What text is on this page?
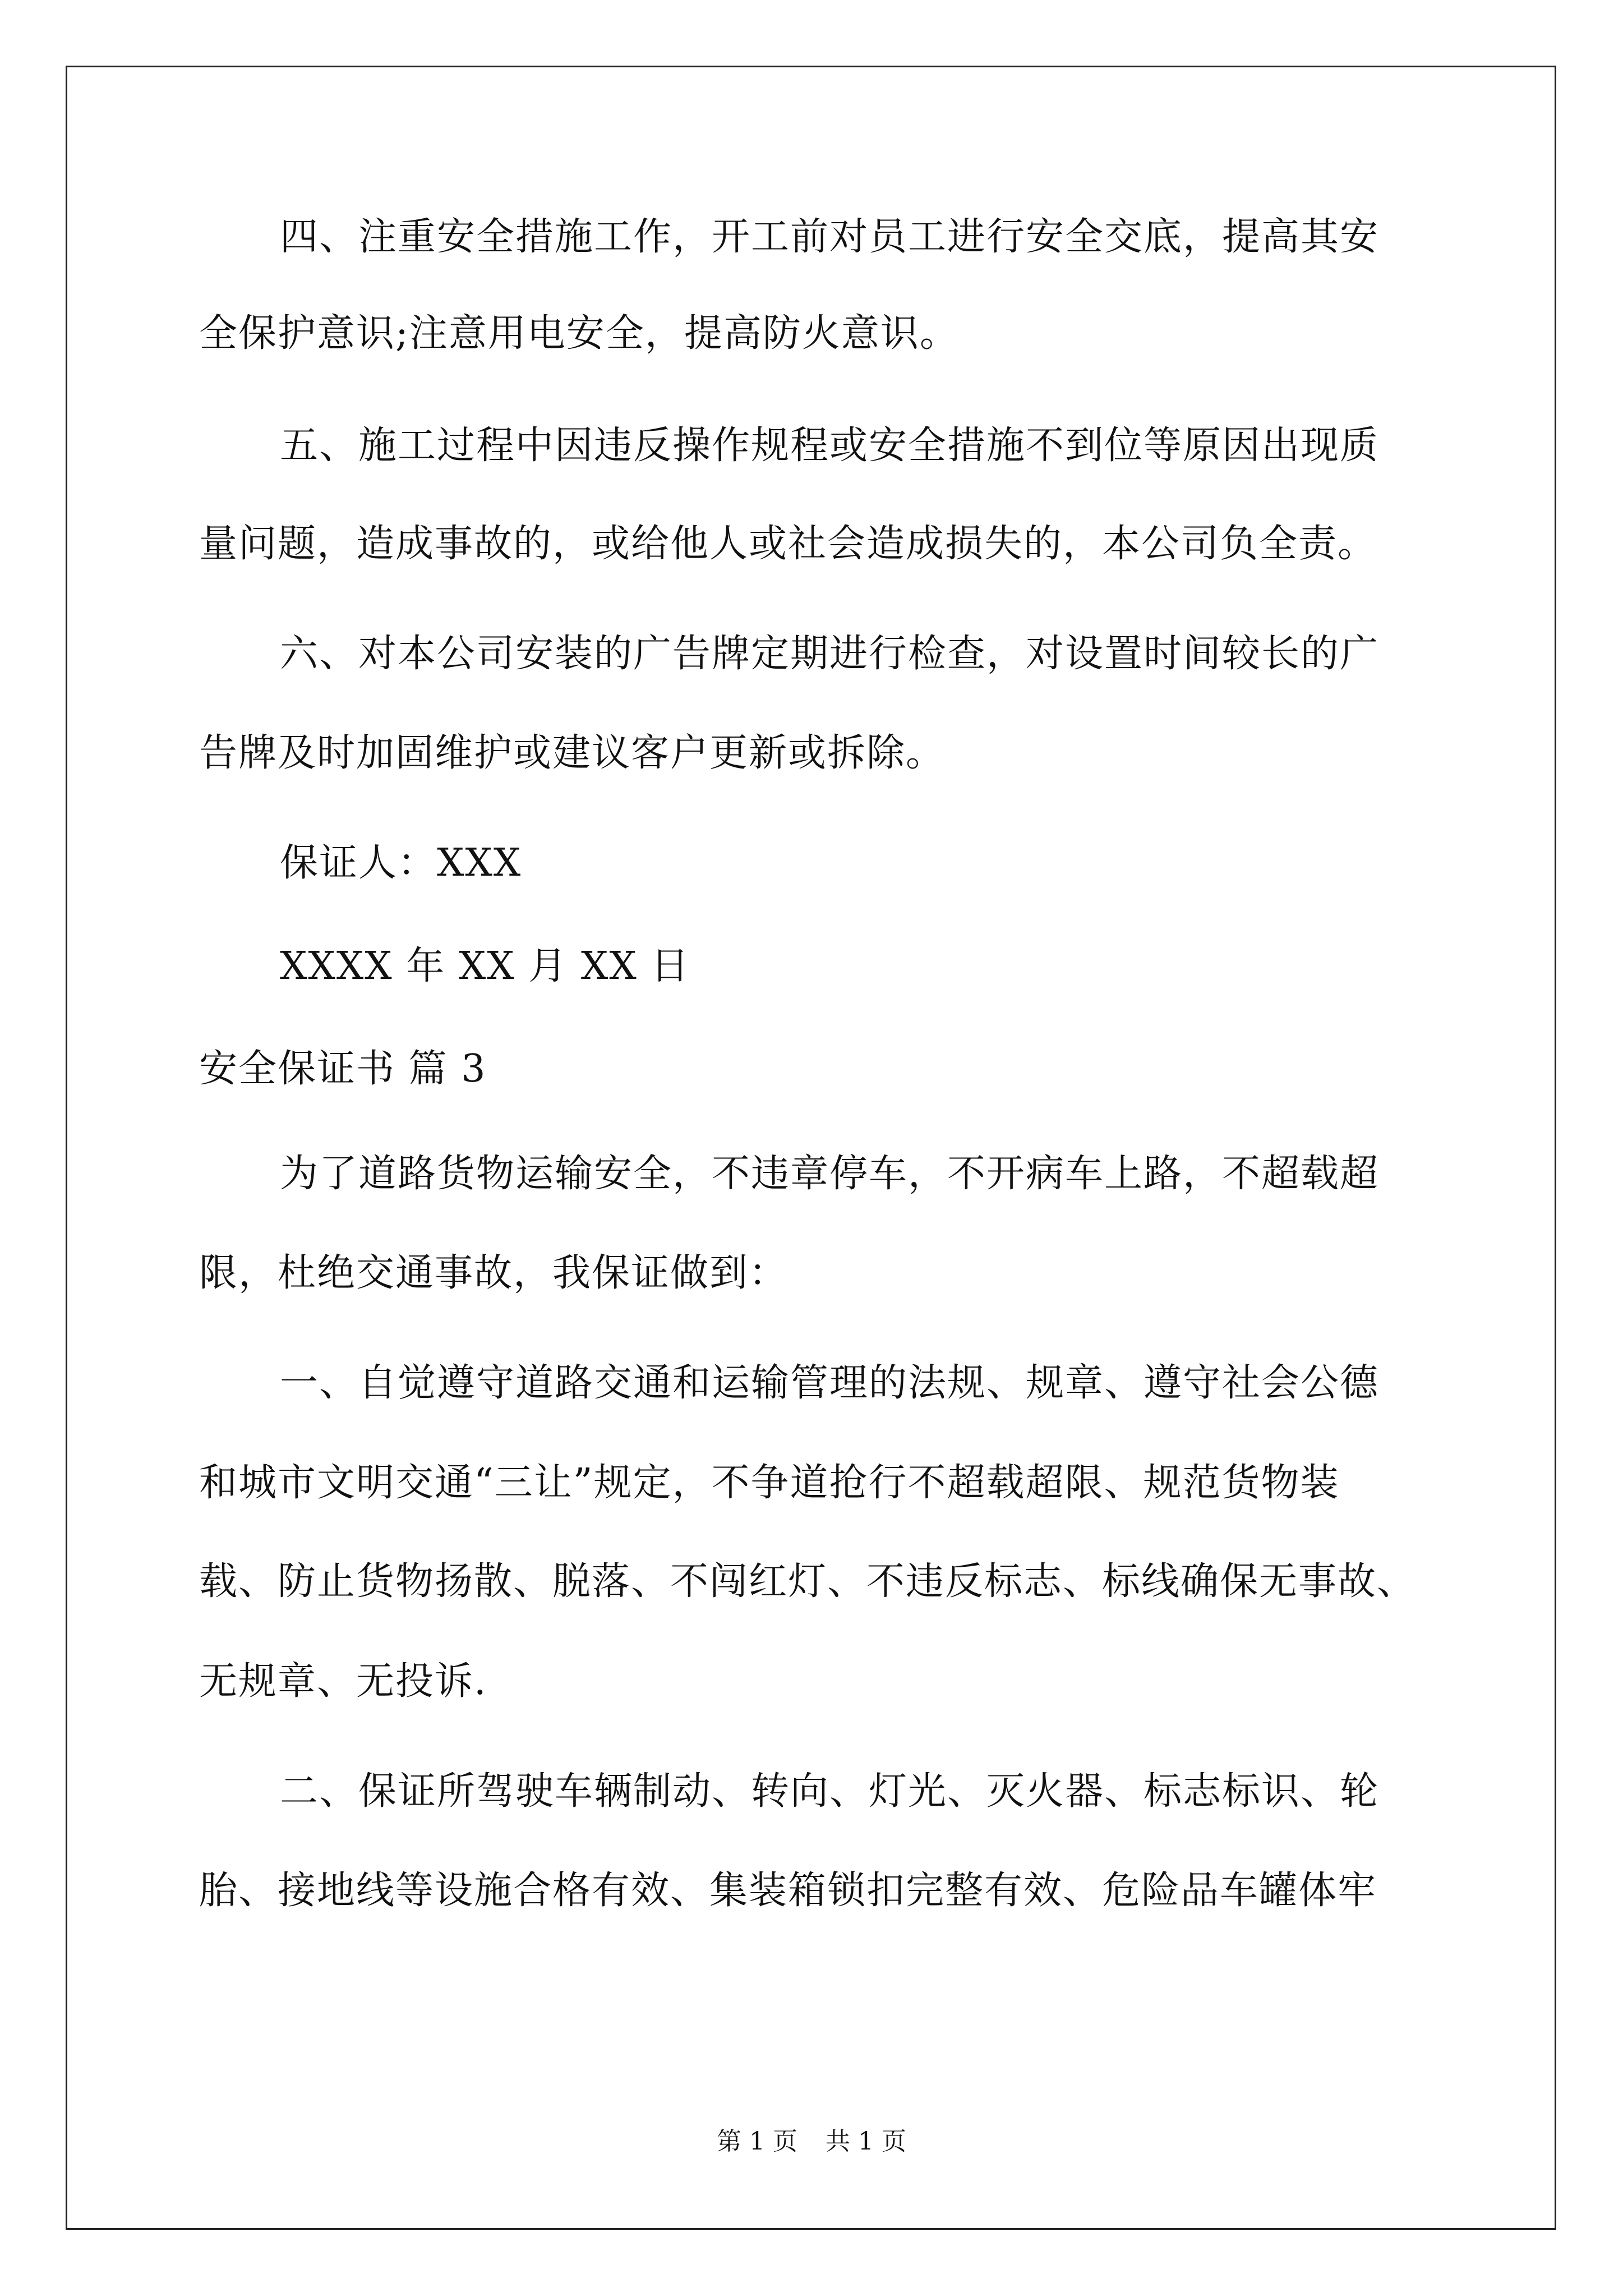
四、注重安全措施工作，开工前对员工进行安全交底，提高其安
全保护意识;注意用电安全，提高防火意识。
五、施工过程中因违反操作规程或安全措施不到位等原因出现质
量问题，造成事故的，或给他人或社会造成损失的，本公司负全责。
六、对本公司安装的广告牌定期进行检查，对设置时间较长的广
告牌及时加固维护或建议客户更新或拆除。
保证人：XXX
XXXX 年 XX 月 XX 日
安全保证书 篇 3
为了道路货物运输安全，不违章停车，不开病车上路，不超载超
限，杜绝交通事故，我保证做到：
一、自觉遵守道路交通和运输管理的法规、规章、遵守社会公德
和城市文明交通“三让”规定，不争道抢行不超载超限、规范货物装
载、防止货物扬散、脱落、不闯红灯、不违反标志、标线确保无事故、
无规章、无投诉.
二、保证所驾驶车辆制动、转向、灯光、灭火器、标志标识、轮
胎、接地线等设施合格有效、集装箱锁扣完整有效、危险品车罐体牢
第 1 页 共 1 页
